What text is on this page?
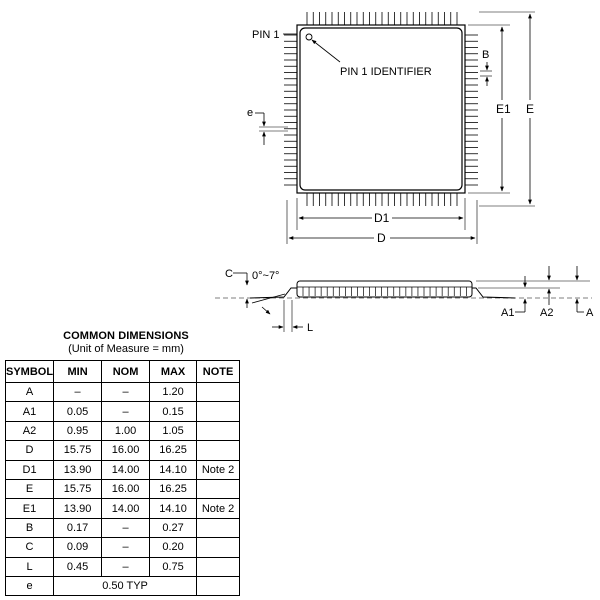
PIN 1
PIN 1 IDENTIFIER
B
e	E1 E
D1
D
C 0°~7°
L
A1 A2	A
COMMON DIMENSIONS
(Unit of Measure = mm)
SYMBOL	MIN	NOM	MAX	NOTE
A	–	–	1.20	
A1	0.05	–	0.15	
A2	0.95	1.00	1.05	
D	15.75	16.00	16.25	
D1	13.90	14.00	14.10	Note 2
E	15.75	16.00	16.25	
E1	13.90	14.00	14.10	Note 2
B	0.17	–	0.27	
C	0.09	–	0.20	
L	0.45	–	0.75	
e	0.50 TYP			
